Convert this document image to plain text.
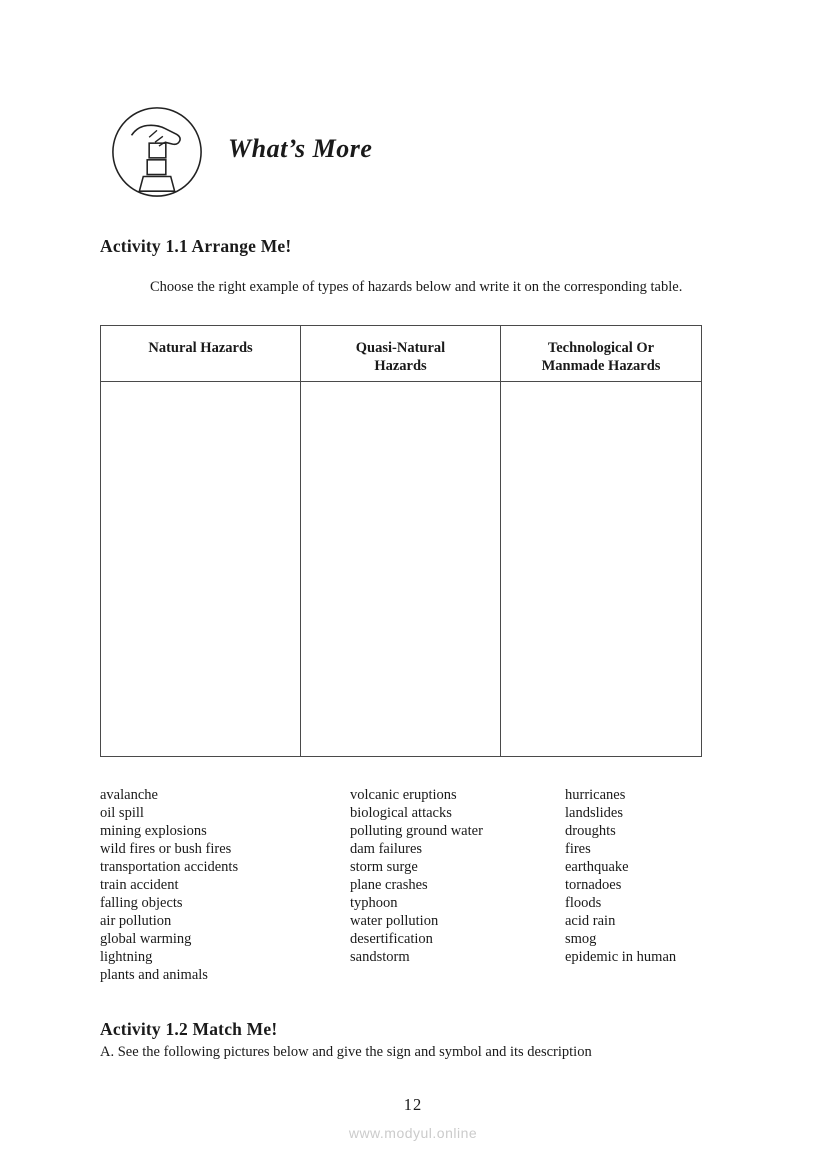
What’s More
Activity 1.1 Arrange Me!

Choose the right example of types of hazards below and write it on the corresponding table.

Natural Hazards	Quasi-Natural Hazards
Technological Or Manmade Hazards
avalanche
oil spill
mining explosions
wild fires or bush fires
transportation accidents
train accident
falling objects
air pollution
global warming
lightning
plants and animals
volcanic eruptions
biological attacks
polluting ground water
dam failures
storm surge
plane crashes
typhoon
water pollution
desertification
sandstorm
hurricanes
landslides
droughts
fires
earthquake
tornadoes
floods
acid rain
smog
epidemic in human
Activity 1.2 Match Me!

A. See the following pictures below and give the sign and symbol and its description

12
www.modyul.online
